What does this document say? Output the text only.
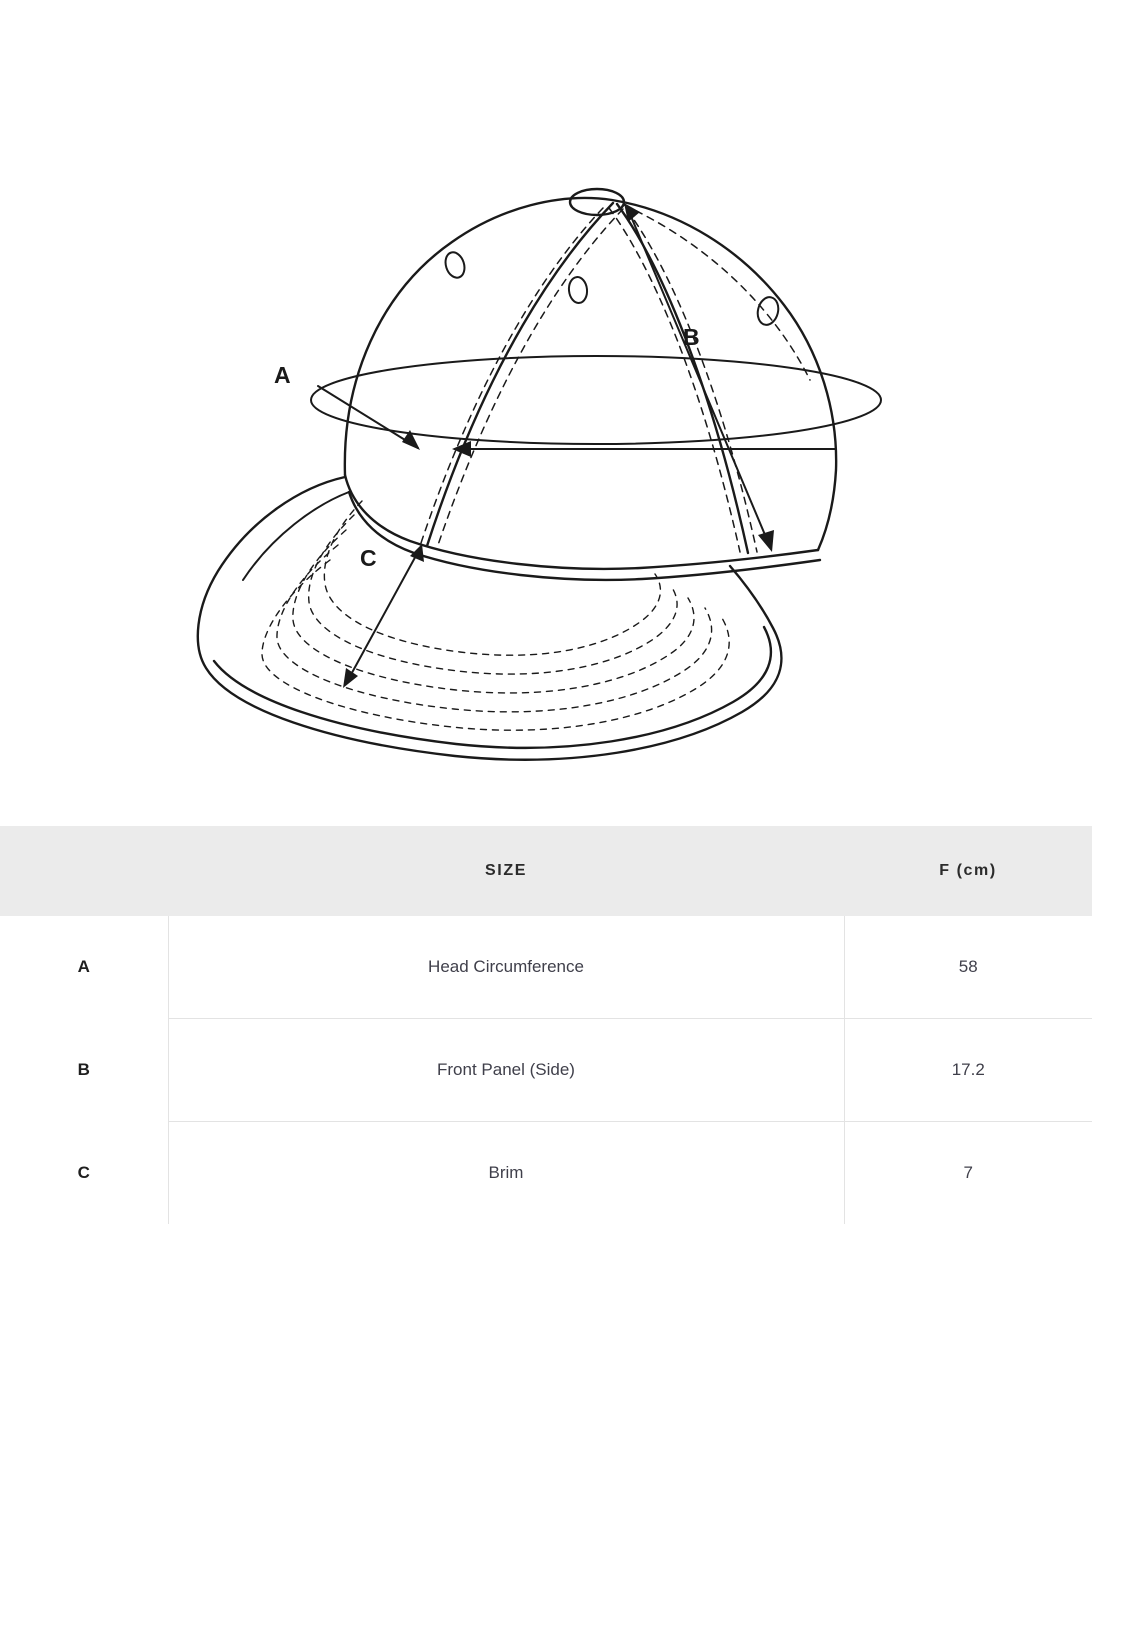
A
B
C
	SIZE	F (cm)
A	Head Circumference	58
B	Front Panel (Side)	17.2
C	Brim	7
